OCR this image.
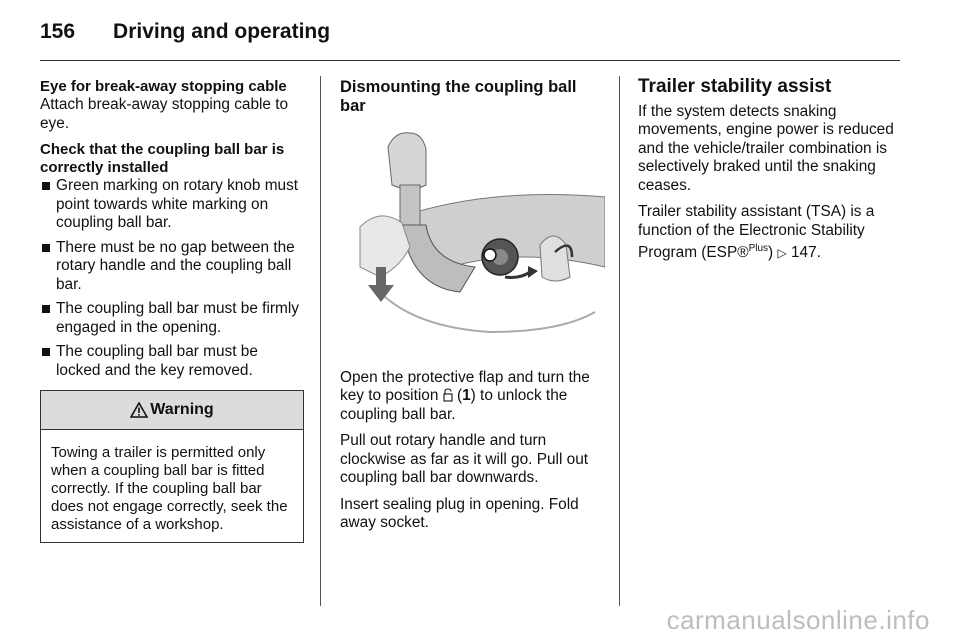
156 Driving and operating
Eye for break-away stopping cable

Attach break-away stopping cable to eye.

Check that the coupling ball bar is
correctly installed
Green marking on rotary knob must point towards white marking on coupling ball bar.
There must be no gap between the rotary handle and the coupling ball bar.
The coupling ball bar must be firmly engaged in the opening.
The coupling ball bar must be locked and the key removed.
Warning
Towing a trailer is permitted only when a coupling ball bar is fitted correctly. If the coupling ball bar does not engage correctly, seek the assistance of a workshop.
Dismounting the coupling ball bar

Open the protective flap and turn the key to position (1) to unlock the coupling ball bar.

Pull out rotary handle and turn clockwise as far as it will go. Pull out coupling ball bar downwards.

Insert sealing plug in opening. Fold away socket.

Trailer stability assist

If the system detects snaking movements, engine power is reduced and the vehicle/trailer combination is selectively braked until the snaking ceases.

Trailer stability assistant (TSA) is a function of the Electronic Stability Program (ESP®$^{Plus}$) ▷ 147.

carmanualsonline.info
